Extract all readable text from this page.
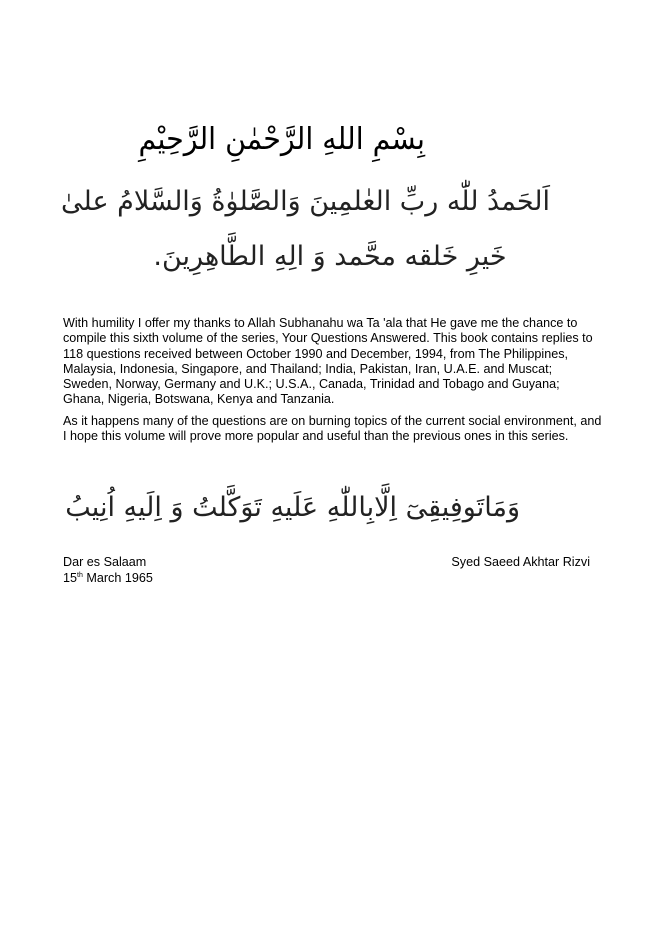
بِسْمِ اللهِ الرَّحْمٰنِ الرَّحِيْمِ
اَلحَمدُ للّٰه ربِّ العٰلمِينَ وَالصَّلوٰةُ وَالسَّلامُ علىٰ
خَيرِ خَلقه محَّمد وَ الِهِ الطَّاهِرِينَ.

With humility I offer my thanks to Allah Subhanahu wa Ta 'ala that He gave me the chance to compile this sixth volume of the series, Your Questions Answered. This book contains replies to 118 questions received between October 1990 and December, 1994, from The Philippines, Malaysia, Indonesia, Singapore, and Thailand; India, Pakistan, Iran, U.A.E. and Muscat; Sweden, Norway, Germany and U.K.; U.S.A., Canada, Trinidad and Tobago and Guyana; Ghana, Nigeria, Botswana, Kenya and Tanzania.

As it happens many of the questions are on burning topics of the current social environment, and I hope this volume will prove more popular and useful than the previous ones in this series.

وَمَاتَوفِيقِىٓ اِلَّابِاللّٰهِ عَلَيهِ تَوَكَّلتُ وَ اِلَيهِ اُنِيبُ
Dar es Salaam
15th March 1965
Syed Saeed Akhtar Rizvi
